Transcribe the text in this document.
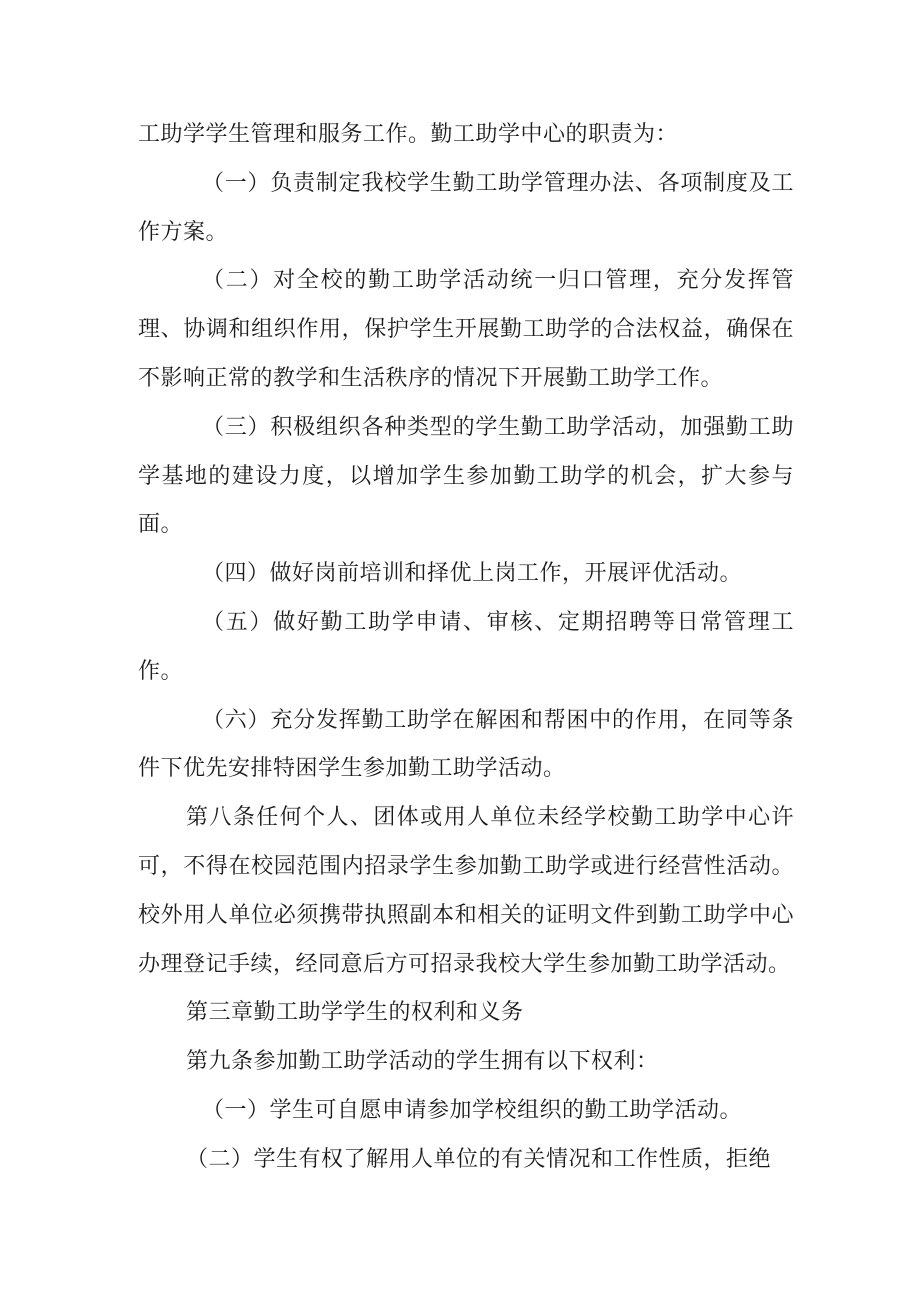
工助学学生管理和服务工作。勤工助学中心的职责为：

（一）负责制定我校学生勤工助学管理办法、各项制度及工作方案。

（二）对全校的勤工助学活动统一归口管理，充分发挥管理、协调和组织作用，保护学生开展勤工助学的合法权益，确保在不影响正常的教学和生活秩序的情况下开展勤工助学工作。

（三）积极组织各种类型的学生勤工助学活动，加强勤工助学基地的建设力度，以增加学生参加勤工助学的机会，扩大参与面。

（四）做好岗前培训和择优上岗工作，开展评优活动。

（五）做好勤工助学申请、审核、定期招聘等日常管理工作。

（六）充分发挥勤工助学在解困和帮困中的作用，在同等条件下优先安排特困学生参加勤工助学活动。

第八条任何个人、团体或用人单位未经学校勤工助学中心许可，不得在校园范围内招录学生参加勤工助学或进行经营性活动。校外用人单位必须携带执照副本和相关的证明文件到勤工助学中心办理登记手续，经同意后方可招录我校大学生参加勤工助学活动。

第三章勤工助学学生的权利和义务

第九条参加勤工助学活动的学生拥有以下权利：

（一）学生可自愿申请参加学校组织的勤工助学活动。

（二）学生有权了解用人单位的有关情况和工作性质，拒绝
